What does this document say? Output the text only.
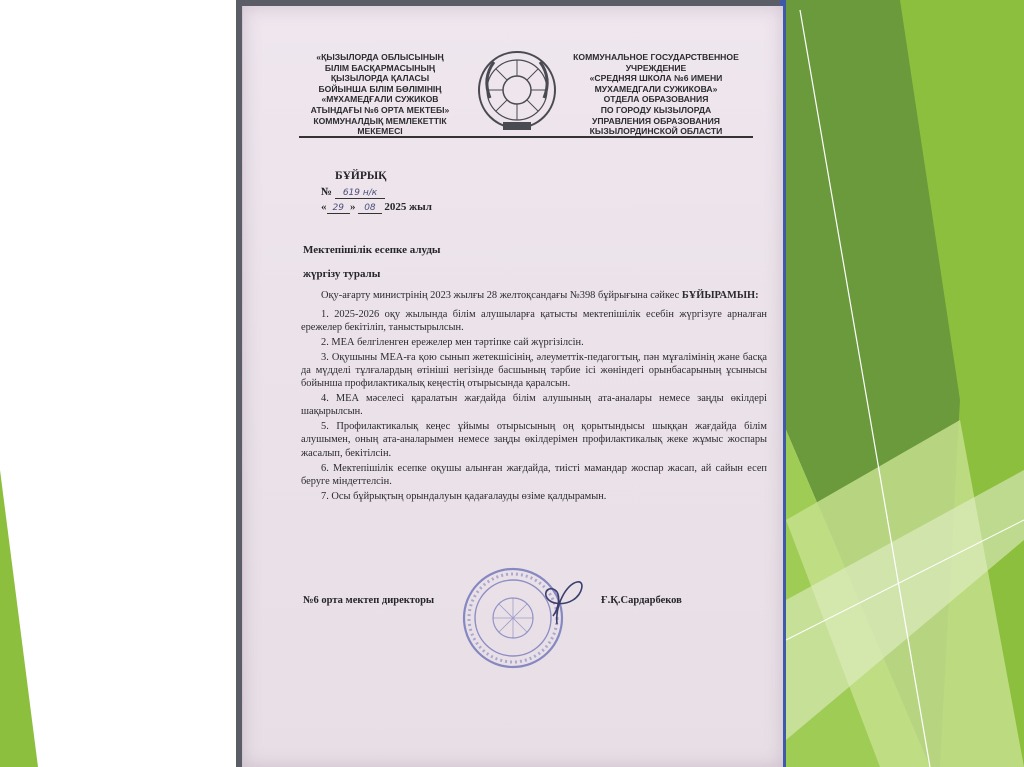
«ҚЫЗЫЛОРДА ОБЛЫСЫНЫҢ
БІЛІМ БАСҚАРМАСЫНЫҢ
ҚЫЗЫЛОРДА ҚАЛАСЫ
БОЙЫНША БІЛІМ БӨЛІМІНІҢ
«МҰХАМЕДҒАЛИ СУЖИКОВ
АТЫНДАҒЫ №6 ОРТА МЕКТЕБІ»
КОММУНАЛДЫҚ МЕМЛЕКЕТТІК
МЕКЕМЕСІ
КОММУНАЛЬНОЕ ГОСУДАРСТВЕННОЕ
УЧРЕЖДЕНИЕ
«СРЕДНЯЯ ШКОЛА №6 ИМЕНИ
МУХАМЕДГАЛИ СУЖИКОВА»
ОТДЕЛА ОБРАЗОВАНИЯ
ПО ГОРОДУ КЫЗЫЛОРДА
УПРАВЛЕНИЯ ОБРАЗОВАНИЯ
КЫЗЫЛОРДИНСКОЙ ОБЛАСТИ
БҰЙРЫҚ
№ 619 н/к
« 29 » 08 2025 жыл
Мектепішілік есепке алуды
жүргізу туралы

Оқу-ағарту министрінің 2023 жылғы 28 желтоқсандағы №398 бұйрығына сәйкес БҰЙЫРАМЫН:

1. 2025-2026 оқу жылында білім алушыларға қатысты мектепішілік есебін жүргізуге арналған ережелер бекітіліп, таныстырылсын.

2. МЕА белгіленген ережелер мен тәртіпке сай жүргізілсін.

3. Оқушыны МЕА-ға қою сынып жетекшісінің, әлеуметтік-педагогтың, пән мұғалімінің және басқа да мүдделі тұлғалардың өтініші негізінде басшының тәрбие ісі жөніндегі орынбасарының ұсынысы бойынша профилактикалық кеңестің отырысында қаралсын.

4. МЕА мәселесі қаралатын жағдайда білім алушының ата-аналары немесе заңды өкілдері шақырылсын.

5. Профилактикалық кеңес ұйымы отырысының оң қорытындысы шыққан жағдайда білім алушымен, оның ата-аналарымен немесе заңды өкілдерімен профилактикалық жеке жұмыс жоспары жасалып, бекітілсін.

6. Мектепішілік есепке оқушы алынған жағдайда, тиісті мамандар жоспар жасап, ай сайын есеп беруге міндеттелсін.

7. Осы бұйрықтың орындалуын қадағалауды өзіме қалдырамын.

№6 орта мектеп директоры	Ғ.Қ.Сардарбеков
